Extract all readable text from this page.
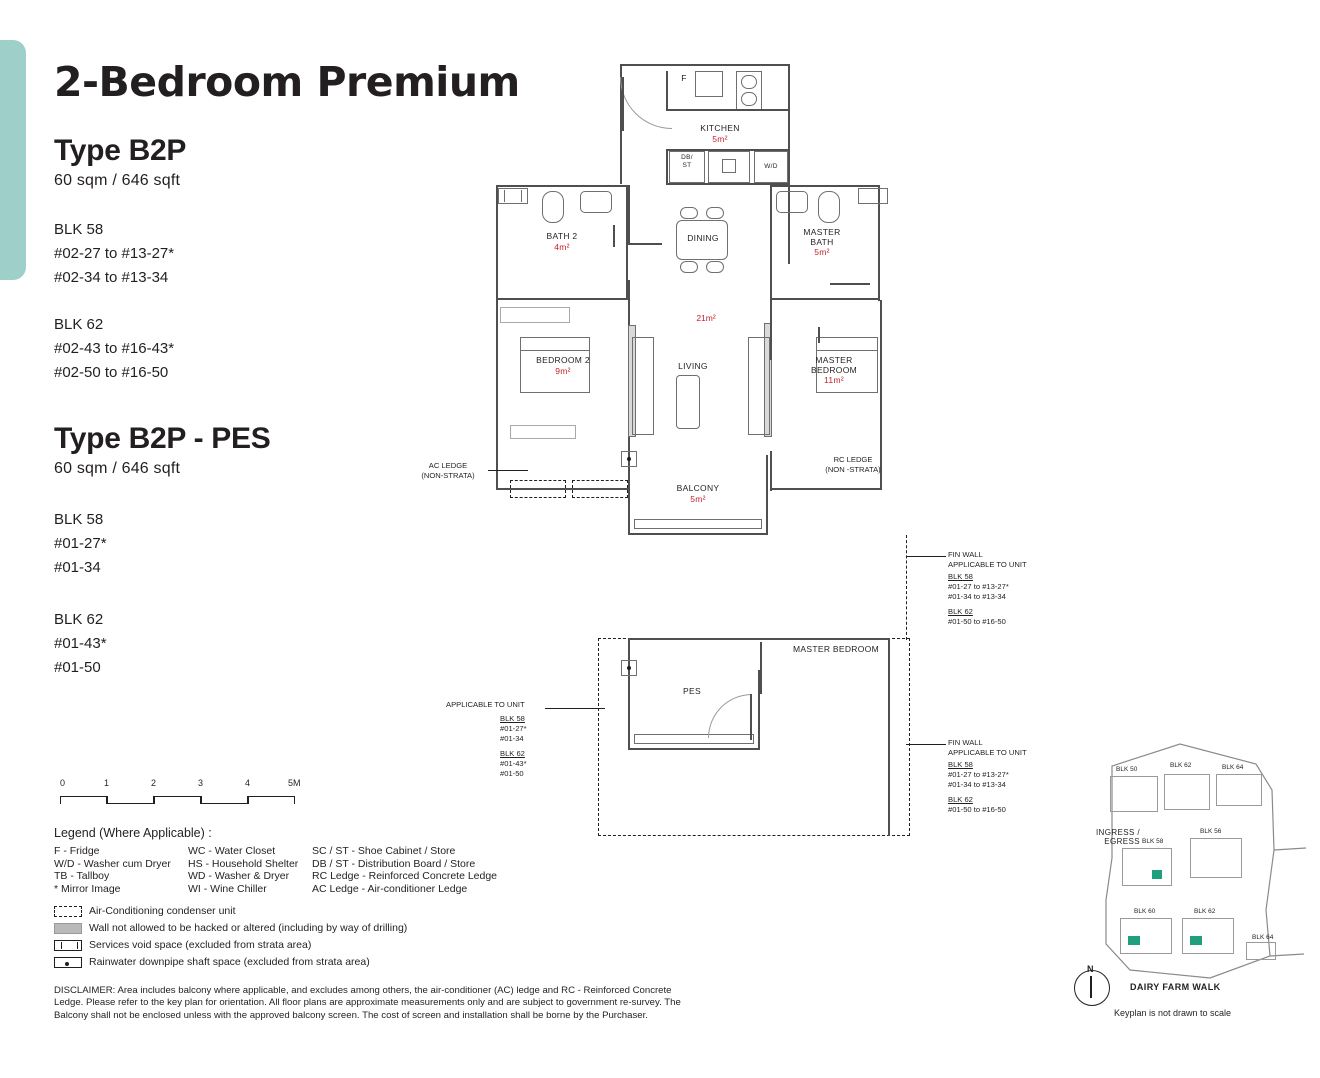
2-Bedroom Premium
Type B2P
60 sqm / 646 sqft
BLK 58
#02-27 to #13-27*
#02-34 to #13-34
BLK 62
#02-43 to #16-43*
#02-50 to #16-50
Type B2P - PES
60 sqm / 646 sqft
BLK 58
#01-27*
#01-34
BLK 62
#01-43*
#01-50
0	1	2	3	4	5M
Legend (Where Applicable) :
F - Fridge
W/D - Washer cum Dryer
TB - Tallboy
* Mirror Image
WC - Water Closet
HS - Household Shelter
WD - Washer & Dryer
WI - Wine Chiller
SC / ST - Shoe Cabinet / Store
DB / ST - Distribution Board / Store
RC Ledge - Reinforced Concrete Ledge
AC Ledge - Air-conditioner Ledge
Air-Conditioning condenser unit
Wall not allowed to be hacked or altered (including by way of drilling)
Services void space (excluded from strata area)
Rainwater downpipe shaft space (excluded from strata area)
DISCLAIMER: Area includes balcony where applicable, and excludes among others, the air-conditioner (AC) ledge and RC - Reinforced Concrete Ledge. Please refer to the key plan for orientation. All floor plans are approximate measurements only and are subject to government re-survey. The Balcony shall not be enclosed unless with the approved balcony screen. The cost of screen and installation shall be borne by the Purchaser.
F
KITCHEN
5m²
DB/
ST	W/D
BATH 2
4m²
BEDROOM 2
9m²
DINING
21m²
LIVING
BALCONY
5m²
MASTER
BATH
5m²
MASTER
BEDROOM
11m²
RC LEDGE
(NON -STRATA)
AC LEDGE
(NON-STRATA)
FIN WALL
APPLICABLE TO UNIT
BLK 58
#01-27 to #13-27*
#01-34 to #13-34
BLK 62
#01-50 to #16-50
MASTER BEDROOM
PES
APPLICABLE TO UNIT
BLK 58
#01-27*
#01-34
BLK 62
#01-43*
#01-50
FIN WALL
APPLICABLE TO UNIT
BLK 58
#01-27 to #13-27*
#01-34 to #13-34
BLK 62
#01-50 to #16-50
BLK 50
BLK 62	BLK 64
BLK 58
BLK 56
BLK 60	BLK 62
BLK 64
INGRESS /
EGRESS
N
DAIRY FARM WALK
Keyplan is not drawn to scale
